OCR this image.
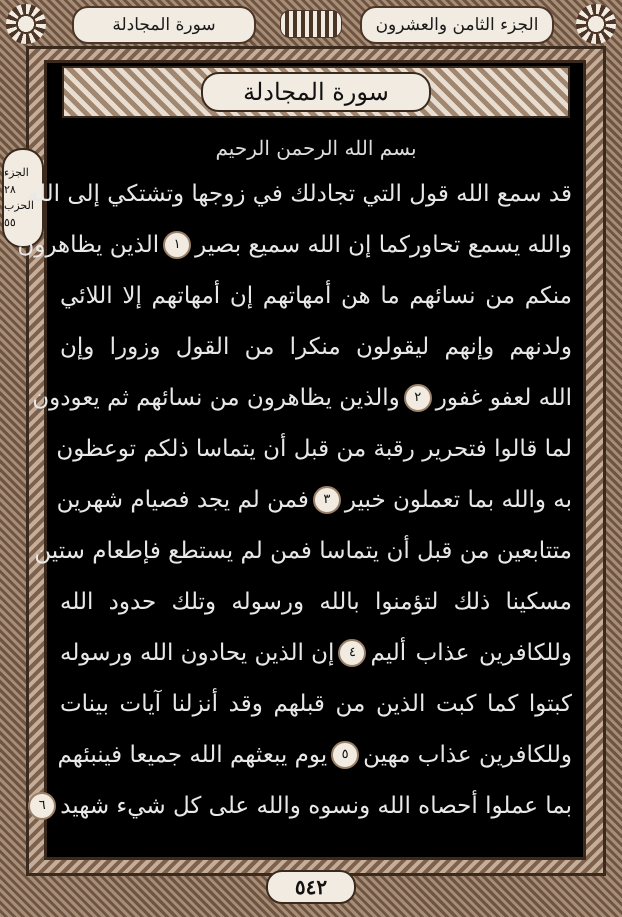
الجزء الثامن والعشرون
سورة المجادلة
سورة المجادلة
الجزء ٢٨
الحزب ٥٥
بسم الله الرحمن الرحيم
قد سمع الله قول التي تجادلك في زوجها وتشتكي إلى الله
والله يسمع تحاوركما إن الله سميع بصير
١
الذين يظاهرون
منكم من نسائهم ما هن أمهاتهم إن أمهاتهم إلا اللائي
ولدنهم وإنهم ليقولون منكرا من القول وزورا وإن
الله لعفو غفور
٢
والذين يظاهرون من نسائهم ثم يعودون
لما قالوا فتحرير رقبة من قبل أن يتماسا ذلكم توعظون
به والله بما تعملون خبير
٣
فمن لم يجد فصيام شهرين
متتابعين من قبل أن يتماسا فمن لم يستطع فإطعام ستين
مسكينا ذلك لتؤمنوا بالله ورسوله وتلك حدود الله
وللكافرين عذاب أليم
٤
إن الذين يحادون الله ورسوله
كبتوا كما كبت الذين من قبلهم وقد أنزلنا آيات بينات
وللكافرين عذاب مهين
٥
يوم يبعثهم الله جميعا فينبئهم
بما عملوا أحصاه الله ونسوه والله على كل شيء شهيد
٦
٥٤٢
